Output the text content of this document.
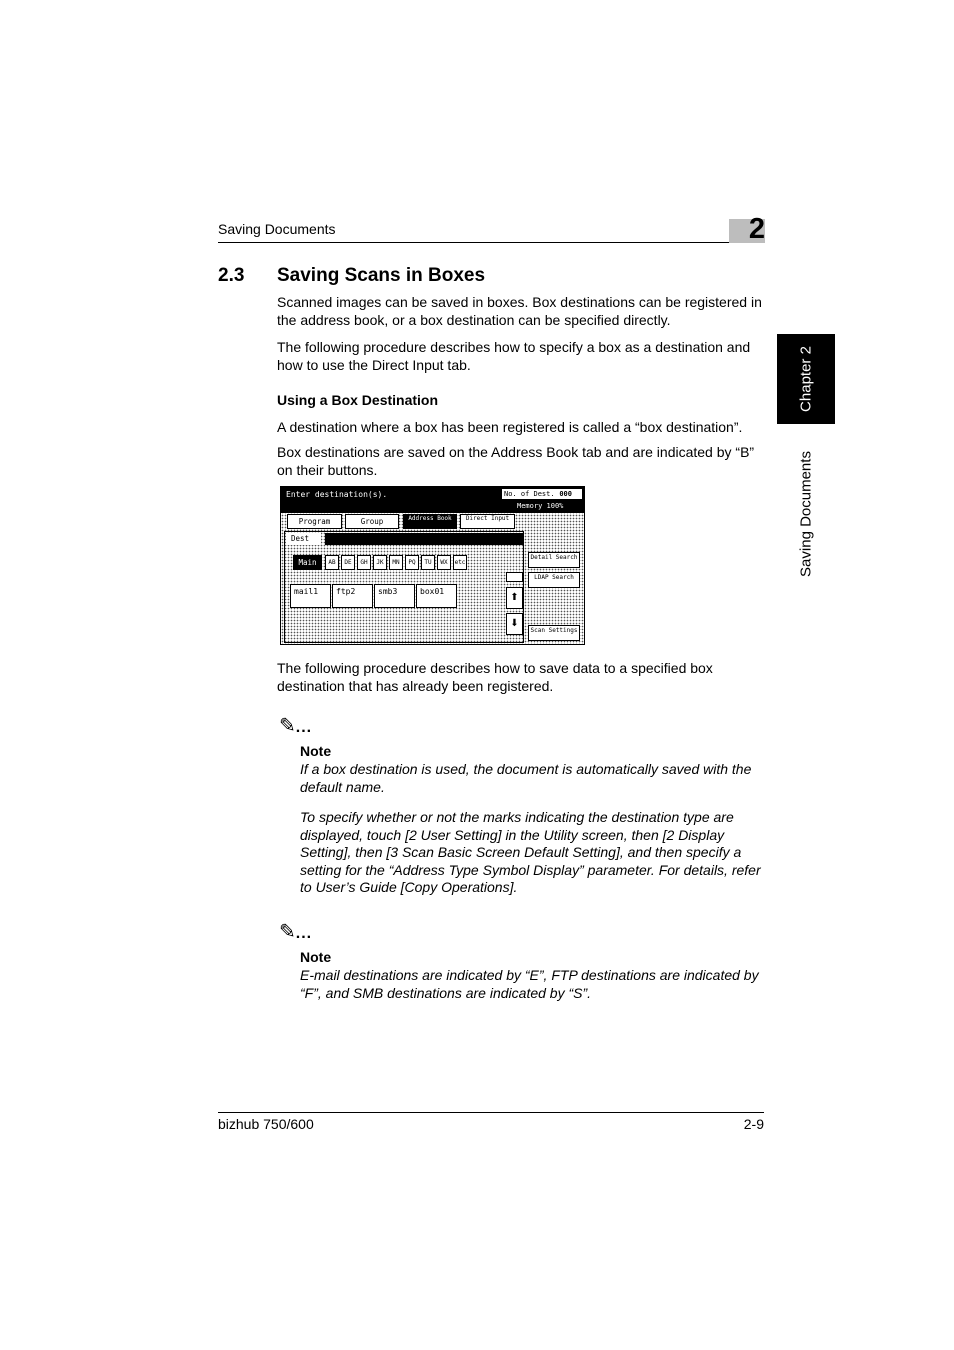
Saving Documents	2
Chapter 2
Saving Documents
2.3 Saving Scans in Boxes
Scanned images can be saved in boxes. Box destinations can be registered in the address book, or a box destination can be specified directly.
The following procedure describes how to specify a box as a destination and how to use the Direct Input tab.
Using a Box Destination
A destination where a box has been registered is called a “box destination”.
Box destinations are saved on the Address Book tab and are indicated by “B” on their buttons.
Enter destination(s).	No. of Dest. 000
Memory 100%
Program	Group	Address Book	Direct Input
Dest
Main	AB	DE	GH	JK	MN	PQ	TU	WX	etc
mail1	ftp2	smb3	box01
⬆
⬇
Detail Search
LDAP Search
Scan Settings
The following procedure describes how to save data to a specified box destination that has already been registered.
✎...
Note
If a box destination is used, the document is automatically saved with the default name.
To specify whether or not the marks indicating the destination type are displayed, touch [2 User Setting] in the Utility screen, then [2 Display Setting], then [3 Scan Basic Screen Default Setting], and then specify a setting for the “Address Type Symbol Display” parameter. For details, refer to User’s Guide [Copy Operations].
✎...
Note
E-mail destinations are indicated by “E”, FTP destinations are indicated by “F”, and SMB destinations are indicated by “S”.
bizhub 750/600	2-9
